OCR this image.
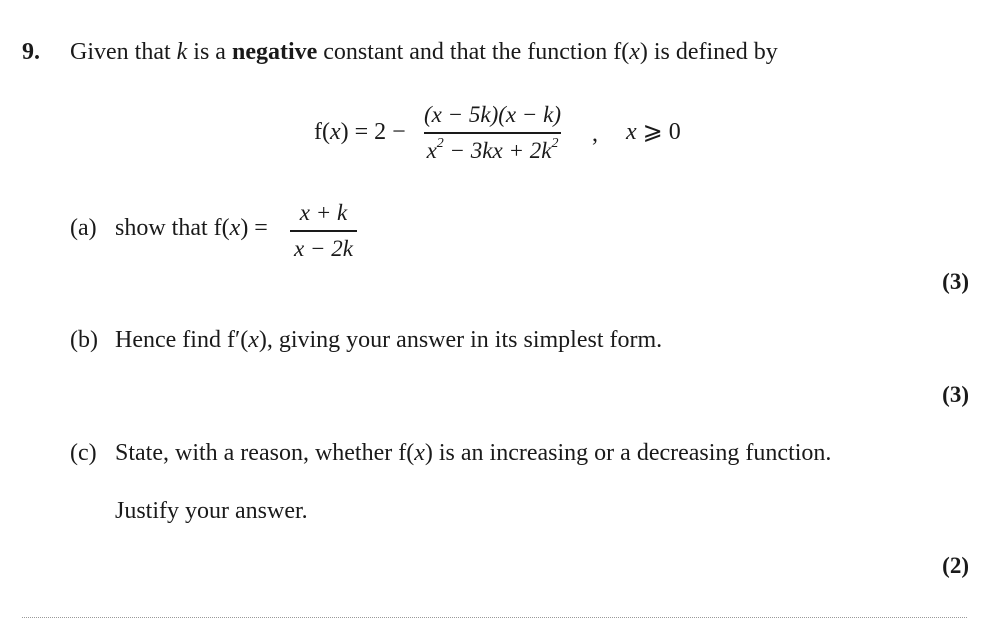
9. Given that k is a negative constant and that the function f(x) is defined by
f(x) = 2 −
(x − 5k)(x − k)
$x^2 - 3kx + 2k^2$ , x ⩾ 0
(a) show that f(x) =
x + k
x − 2k
(3)
(b) Hence find f′(x), giving your answer in its simplest form.
(3)
(c) State, with a reason, whether f(x) is an increasing or a decreasing function.
Justify your answer.
(2)
